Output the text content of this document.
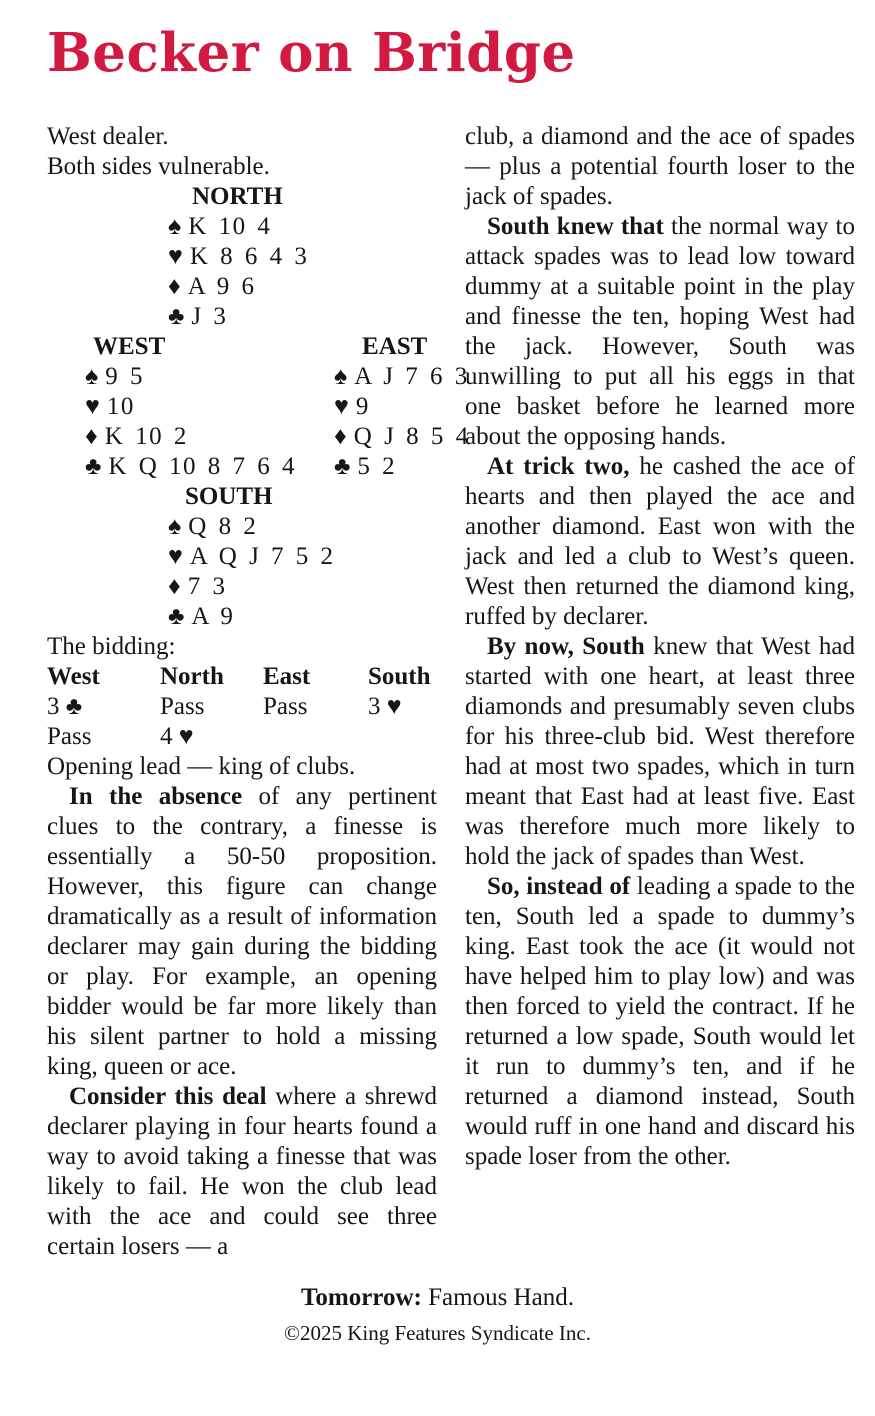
Becker on Bridge
West dealer.
Both sides vulnerable.
NORTH
♠ K 10 4
♥ K 8 6 4 3
♦ A 9 6
♣ J 3
WEST
♠ 9 5
♥ 10
♦ K 10 2
♣ K Q 10 8 7 6 4
EAST
♠ A J 7 6 3
♥ 9
♦ Q J 8 5 4
♣ 5 2
SOUTH
♠ Q 8 2
♥ A Q J 7 5 2
♦ 7 3
♣ A 9
The bidding:
West	North	East	South
3 ♣	Pass	Pass	3 ♥
Pass	4 ♥
Opening lead — king of clubs.

In the absence of any pertinent clues to the contrary, a finesse is essentially a 50-50 proposition. However, this figure can change dramatically as a result of information declarer may gain during the bidding or play. For example, an opening bidder would be far more likely than his silent partner to hold a missing king, queen or ace.

Consider this deal where a shrewd declarer playing in four hearts found a way to avoid taking a finesse that was likely to fail. He won the club lead with the ace and could see three certain losers — a

club, a diamond and the ace of spades — plus a potential fourth loser to the jack of spades.

South knew that the normal way to attack spades was to lead low toward dummy at a suitable point in the play and finesse the ten, hoping West had the jack. However, South was unwilling to put all his eggs in that one basket before he learned more about the opposing hands.

At trick two, he cashed the ace of hearts and then played the ace and another diamond. East won with the jack and led a club to West’s queen. West then returned the diamond king, ruffed by declarer.

By now, South knew that West had started with one heart, at least three diamonds and presumably seven clubs for his three-club bid. West therefore had at most two spades, which in turn meant that East had at least five. East was therefore much more likely to hold the jack of spades than West.

So, instead of leading a spade to the ten, South led a spade to dummy’s king. East took the ace (it would not have helped him to play low) and was then forced to yield the contract. If he returned a low spade, South would let it run to dummy’s ten, and if he returned a diamond instead, South would ruff in one hand and discard his spade loser from the other.

Tomorrow: Famous Hand.
©2025 King Features Syndicate Inc.
